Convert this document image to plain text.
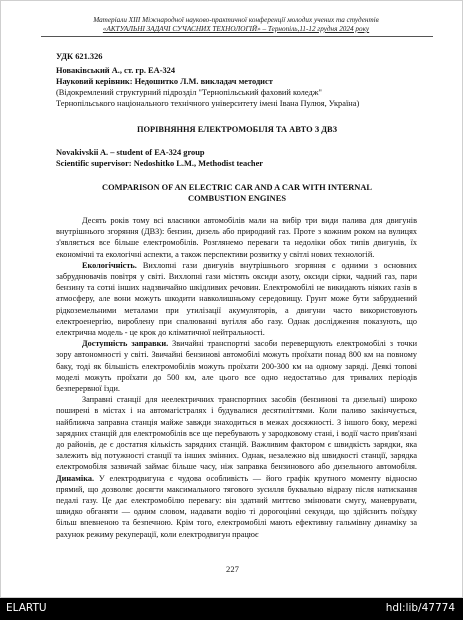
Матеріали XIII Міжнародної науково-практичної конференції молодих учених та студентів
«АКТУАЛЬНІ ЗАДАЧІ СУЧАСНИХ ТЕХНОЛОГІЙ» – Тернопіль,11-12 грудня 2024 року
УДК 621.326
Новаківський А., ст. гр. ЕА-324
Науковий керівник: Недошитко Л.М. викладач методист
(Відокремлений структурний підрозділ "Тернопільський фаховий коледж"
Тернопільського національного технічного університету імені Івана Пулюя, Україна)
ПОРІВНЯННЯ ЕЛЕКТРОМОБІЛЯ ТА АВТО З ДВЗ
Novakivskii A. – student of EA-324 group
Scientific supervisor: Nedoshitko L.M., Methodist teacher
COMPARISON OF AN ELECTRIC CAR AND A CAR WITH INTERNAL
COMBUSTION ENGINES

Десять років тому всі власники автомобілів мали на вибір три види палива для двигунів внутрішнього згоряння (ДВЗ): бензин, дизель або природний газ. Проте з кожним роком на вулицях з'являється все більше електромобілів. Розглянемо переваги та недоліки обох типів двигунів, їх економічні та екологічні аспекти, а також перспективи розвитку у світлі нових технологій.

Екологічність. Вихлопні гази двигунів внутрішнього згоряння є одними з основних забруднювачів повітря у світі. Вихлопні гази містять оксиди азоту, оксиди сірки, чадний газ, пари бензину та сотні інших надзвичайно шкідливих речовин. Електромобілі не викидають ніяких газів в атмосферу, але вони можуть шкодити навколишньому середовищу. Грунт може бути забруднений рідкоземельними металами при утилізації акумуляторів, а двигуни часто використовують електроенергію, вироблену при спалюванні вугілля або газу. Однак дослідження показують, що електрична модель - це крок до кліматичної нейтральності.

Доступність заправки. Звичайні транспортні засоби переверщують електромобілі з точки зору автономності у світі. Звичайні бензинові автомобілі можуть проїхати понад 800 км на повному баку, тоді як більшість електромобілів можуть проїхати 200-300 км на одному заряді. Деякі топові моделі можуть проїхати до 500 км, але цього все одно недостатньо для тривалих періодів безперервної їзди.

Заправні станції для неелектричних транспортних засобів (бензинові та дизельні) широко поширені в містах і на автомагістралях і будувалися десятиліттями. Коли паливо закінчується, найближча заправна станція майже завжди знаходиться в межах досяжності. З іншого боку, мережі зарядних станцій для електромобілів все ще перебувають у зародковому стані, і водії часто прив'язані до районів, де є достатня кількість зарядних станцій. Важливим фактором є швидкість зарядки, яка залежить від потужності станції та інших змінних. Однак, незалежно від швидкості станції, зарядка електромобіля зазвичай займає більше часу, ніж заправка бензинового або дизельного автомобіля. Динаміка. У електродвигуна є чудова особливість — його графік крутного моменту відносно прямий, що дозволяє досягти максимального тягового зусилля буквально відразу після натискання педалі газу. Це дає електромобілю перевагу: він здатний миттєво змінювати смугу, маневрувати, швидко обганяти — одним словом, надавати водію ті дорогоцінні секунди, що здійснить поїздку більш впевненою та безпечною. Крім того, електромобілі мають ефективну гальмівну динаміку за рахунок режиму рекуперації, коли електродвигун працює

227
ELARTU	hdl:lib/47774
